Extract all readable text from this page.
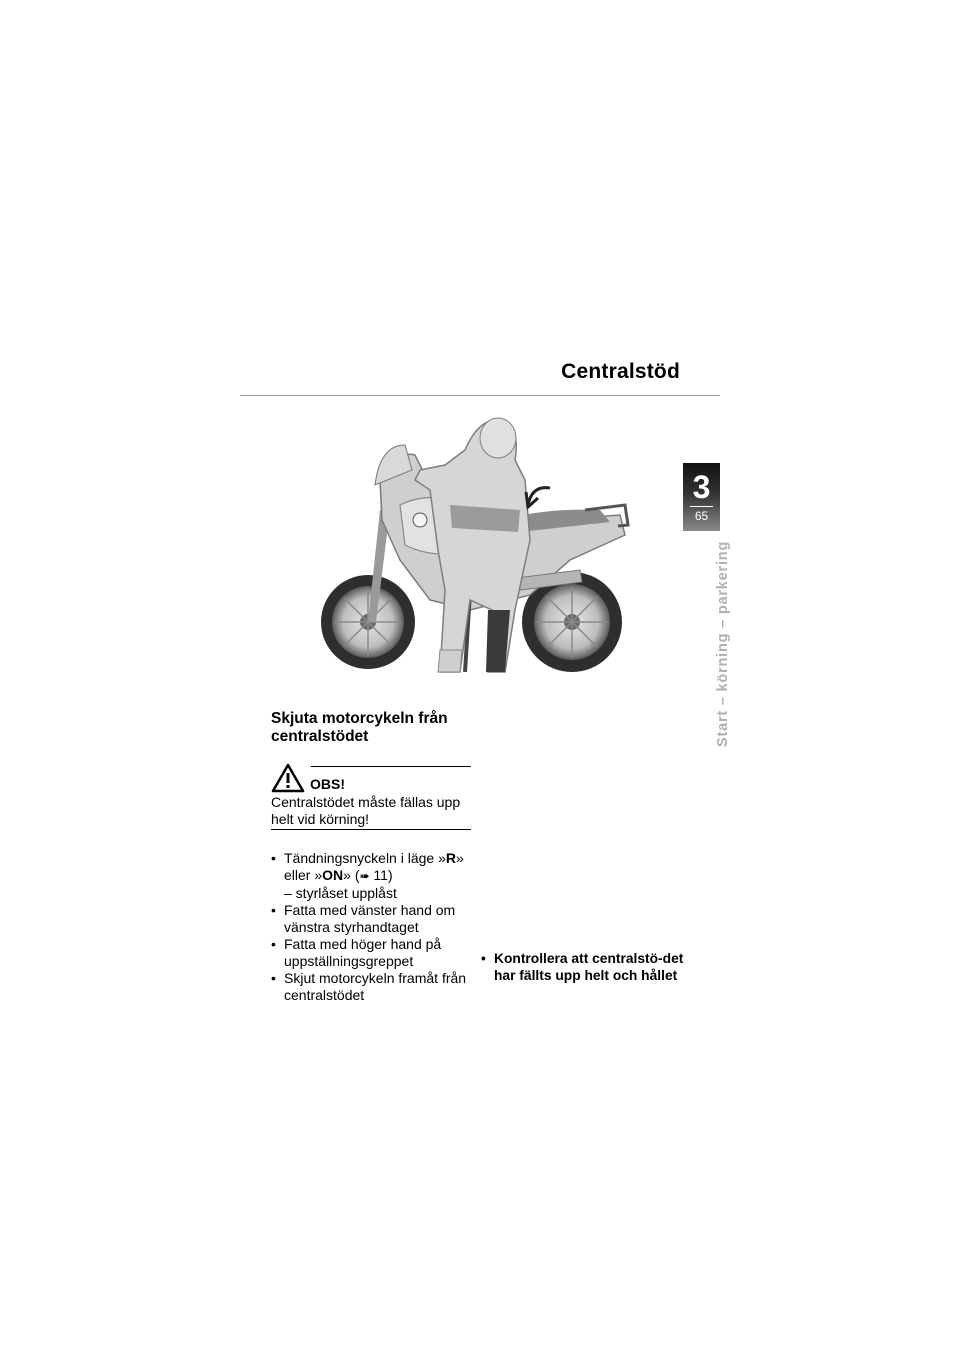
Centralstöd
3
65
Start – körning – parkering
Skjuta motorcykeln från
centralstödet
OBS!
Centralstödet måste fällas upp helt vid körning!
• Tändningsnyckeln i läge »R» eller »ON» (➠ 11)
– styrlåset upplåst
• Fatta med vänster hand om vänstra styrhandtaget
• Fatta med höger hand på uppställningsgreppet
• Skjut motorcykeln framåt från centralstödet
• Kontrollera att centralstö-det har fällts upp helt och hållet
